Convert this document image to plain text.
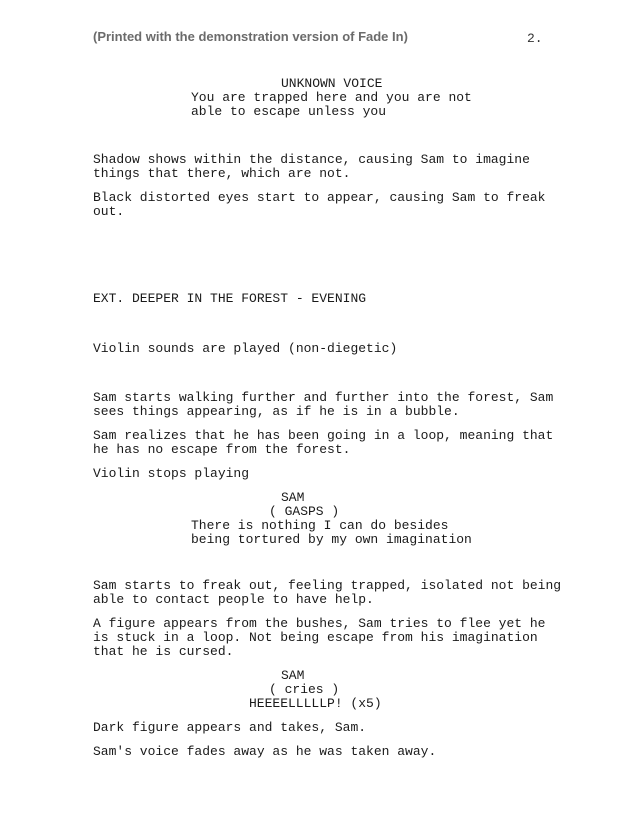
(Printed with the demonstration version of Fade In)	2.
UNKNOWN VOICE
You are trapped here and you are not
able to escape unless you
Shadow shows within the distance, causing Sam to imagine
things that there, which are not.
Black distorted eyes start to appear, causing Sam to freak
out.
EXT. DEEPER IN THE FOREST - EVENING
Violin sounds are played (non-diegetic)
Sam starts walking further and further into the forest, Sam
sees things appearing, as if he is in a bubble.
Sam realizes that he has been going in a loop, meaning that
he has no escape from the forest.
Violin stops playing
SAM
( GASPS )
There is nothing I can do besides
being tortured by my own imagination
Sam starts to freak out, feeling trapped, isolated not being
able to contact people to have help.
A figure appears from the bushes, Sam tries to flee yet he
is stuck in a loop. Not being escape from his imagination
that he is cursed.
SAM
( cries )
HEEEELLLLLP! (x5)
Dark figure appears and takes, Sam.
Sam's voice fades away as he was taken away.
